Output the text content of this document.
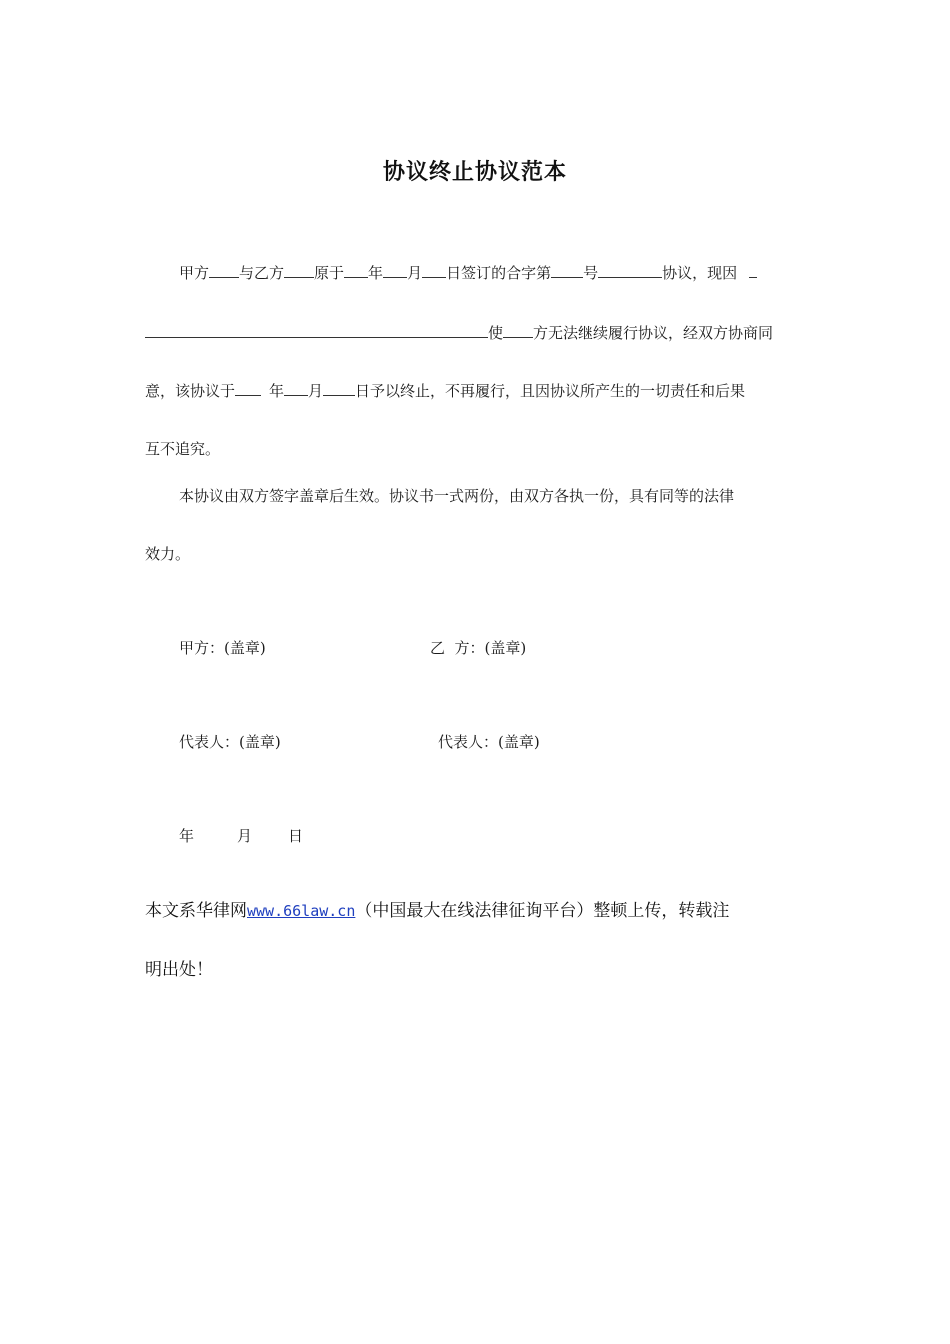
协议终止协议范本
甲方 与乙方 原于 年 月 日签订的合字第 号	协议，现因
使 方无法继续履行协议，经双方协商同
意，该协议于 年 月 日予以终止，不再履行，且因协议所产生的一切责任和后果
互不追究。
本协议由双方签字盖章后生效。协议书一式两份，由双方各执一份，具有同等的法律
效力。
甲方：(盖章)	乙  方：(盖章)
代表人：(盖章)	代表人：(盖章)
年	月 日
本文系华律网www.66law.cn（中国最大在线法律征询平台）整顿上传，转载注
明出处！
